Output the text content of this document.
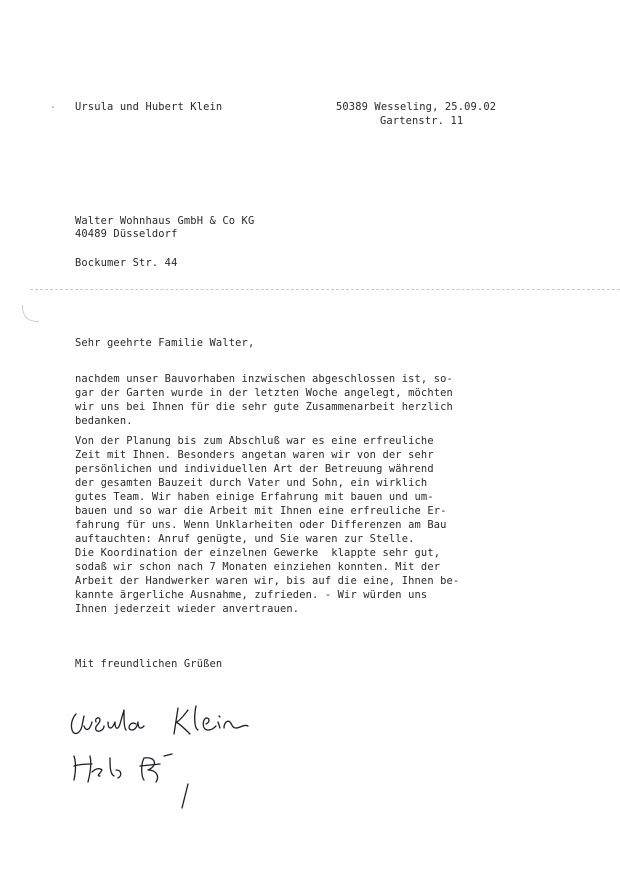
Ursula und Hubert Klein	50389 Wesseling, 25.09.02
Gartenstr. 11

Walter Wohnhaus GmbH & Co KG

Bockumer Str. 44

40489 Düsseldorf
Sehr geehrte Familie Walter,
nachdem unser Bauvorhaben inzwischen abgeschlossen ist, so-
gar der Garten wurde in der letzten Woche angelegt, möchten
wir uns bei Ihnen für die sehr gute Zusammenarbeit herzlich
bedanken.
Von der Planung bis zum Abschluß war es eine erfreuliche
Zeit mit Ihnen. Besonders angetan waren wir von der sehr
persönlichen und individuellen Art der Betreuung während
der gesamten Bauzeit durch Vater und Sohn, ein wirklich
gutes Team. Wir haben einige Erfahrung mit bauen und um-
bauen und so war die Arbeit mit Ihnen eine erfreuliche Er-
fahrung für uns. Wenn Unklarheiten oder Differenzen am Bau
auftauchten: Anruf genügte, und Sie waren zur Stelle.
Die Koordination der einzelnen Gewerke  klappte sehr gut,
sodaß wir schon nach 7 Monaten einziehen konnten. Mit der
Arbeit der Handwerker waren wir, bis auf die eine, Ihnen be-
kannte ärgerliche Ausnahme, zufrieden. - Wir würden uns
Ihnen jederzeit wieder anvertrauen.
Mit freundlichen Grüßen
